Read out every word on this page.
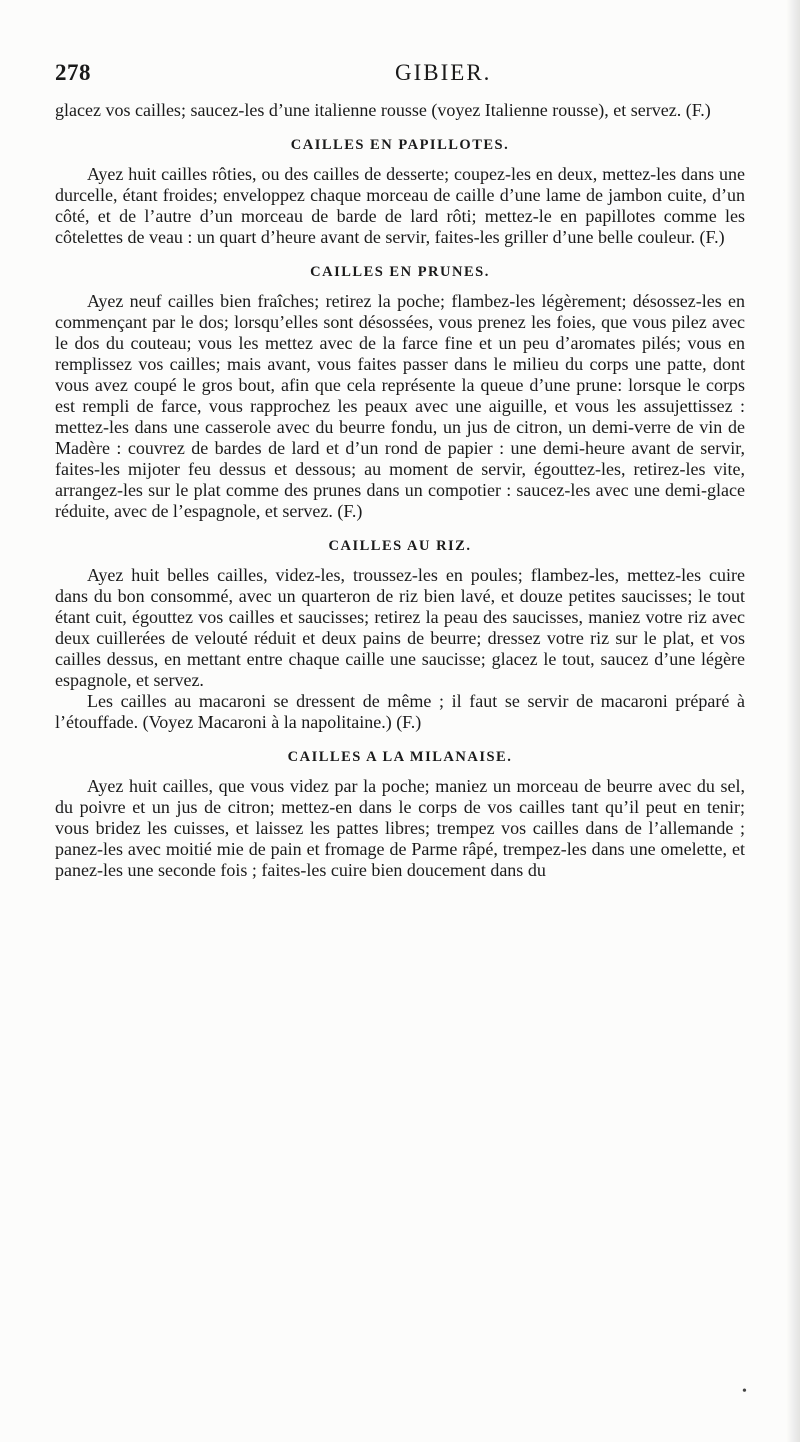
278	GIBIER.

glacez vos cailles; saucez-les d’une italienne rousse (voyez Italienne rousse), et servez. (F.)

CAILLES EN PAPILLOTES.

Ayez huit cailles rôties, ou des cailles de desserte; coupez-les en deux, mettez-les dans une durcelle, étant froides; enveloppez chaque morceau de caille d’une lame de jambon cuite, d’un côté, et de l’autre d’un morceau de barde de lard rôti; mettez-le en papillotes comme les côtelettes de veau : un quart d’heure avant de servir, faites-les griller d’une belle couleur. (F.)

CAILLES EN PRUNES.

Ayez neuf cailles bien fraîches; retirez la poche; flambez-les légèrement; désossez-les en commençant par le dos; lorsqu’elles sont désossées, vous prenez les foies, que vous pilez avec le dos du couteau; vous les mettez avec de la farce fine et un peu d’aromates pilés; vous en remplissez vos cailles; mais avant, vous faites passer dans le milieu du corps une patte, dont vous avez coupé le gros bout, afin que cela représente la queue d’une prune: lorsque le corps est rempli de farce, vous rapprochez les peaux avec une aiguille, et vous les assujettissez : mettez-les dans une casserole avec du beurre fondu, un jus de citron, un demi-verre de vin de Madère : couvrez de bardes de lard et d’un rond de papier : une demi-heure avant de servir, faites-les mijoter feu dessus et dessous; au moment de servir, égouttez-les, retirez-les vite, arrangez-les sur le plat comme des prunes dans un compotier : saucez-les avec une demi-glace réduite, avec de l’espagnole, et servez. (F.)

CAILLES AU RIZ.

Ayez huit belles cailles, videz-les, troussez-les en poules; flambez-les, mettez-les cuire dans du bon consommé, avec un quarteron de riz bien lavé, et douze petites saucisses; le tout étant cuit, égouttez vos cailles et saucisses; retirez la peau des saucisses, maniez votre riz avec deux cuillerées de velouté réduit et deux pains de beurre; dressez votre riz sur le plat, et vos cailles dessus, en mettant entre chaque caille une saucisse; glacez le tout, saucez d’une légère espagnole, et servez.

Les cailles au macaroni se dressent de même ; il faut se servir de macaroni préparé à l’étouffade. (Voyez Macaroni à la napolitaine.) (F.)

CAILLES A LA MILANAISE.

Ayez huit cailles, que vous videz par la poche; maniez un morceau de beurre avec du sel, du poivre et un jus de citron; mettez-en dans le corps de vos cailles tant qu’il peut en tenir; vous bridez les cuisses, et laissez les pattes libres; trempez vos cailles dans de l’allemande ; panez-les avec moitié mie de pain et fromage de Parme râpé, trempez-les dans une omelette, et panez-les une seconde fois ; faites-les cuire bien doucement dans du

•
